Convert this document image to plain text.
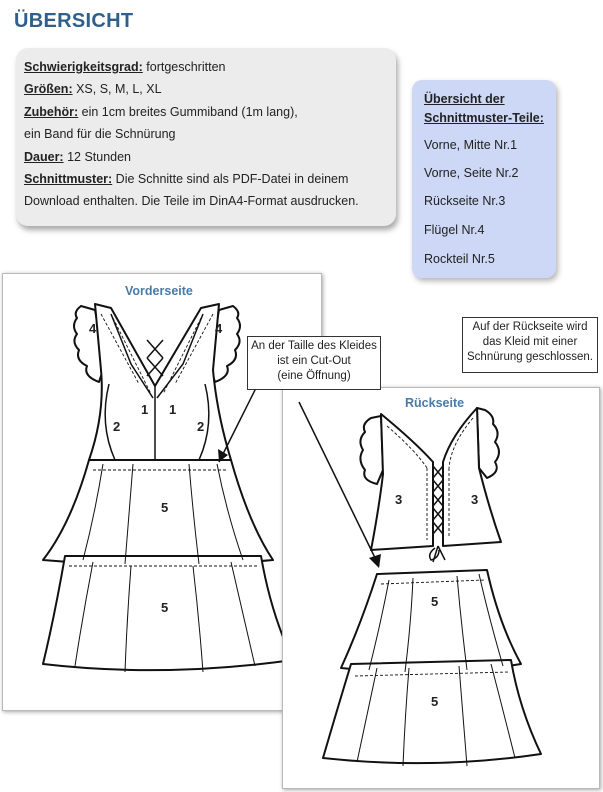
ÜBERSICHT
Schwierigkeitsgrad: fortgeschritten
Größen: XS, S, M, L, XL
Zubehör: ein 1cm breites Gummiband (1m lang),
ein Band für die Schnürung
Dauer: 12 Stunden
Schnittmuster: Die Schnitte sind als PDF-Datei in deinem
Download enthalten. Die Teile im DinA4-Format ausdrucken.
Übersicht der Schnittmuster-Teile:
Vorne, Mitte Nr.1
Vorne, Seite Nr.2
Rückseite Nr.3
Flügel Nr.4
Rockteil Nr.5
4	4
1 1
2	2
5
5
Vorderseite
3	3
5
5
Rückseite
An der Taille des Kleides
ist ein Cut-Out
(eine Öffnung)
Auf der Rückseite wird
das Kleid mit einer
Schnürung geschlossen.
